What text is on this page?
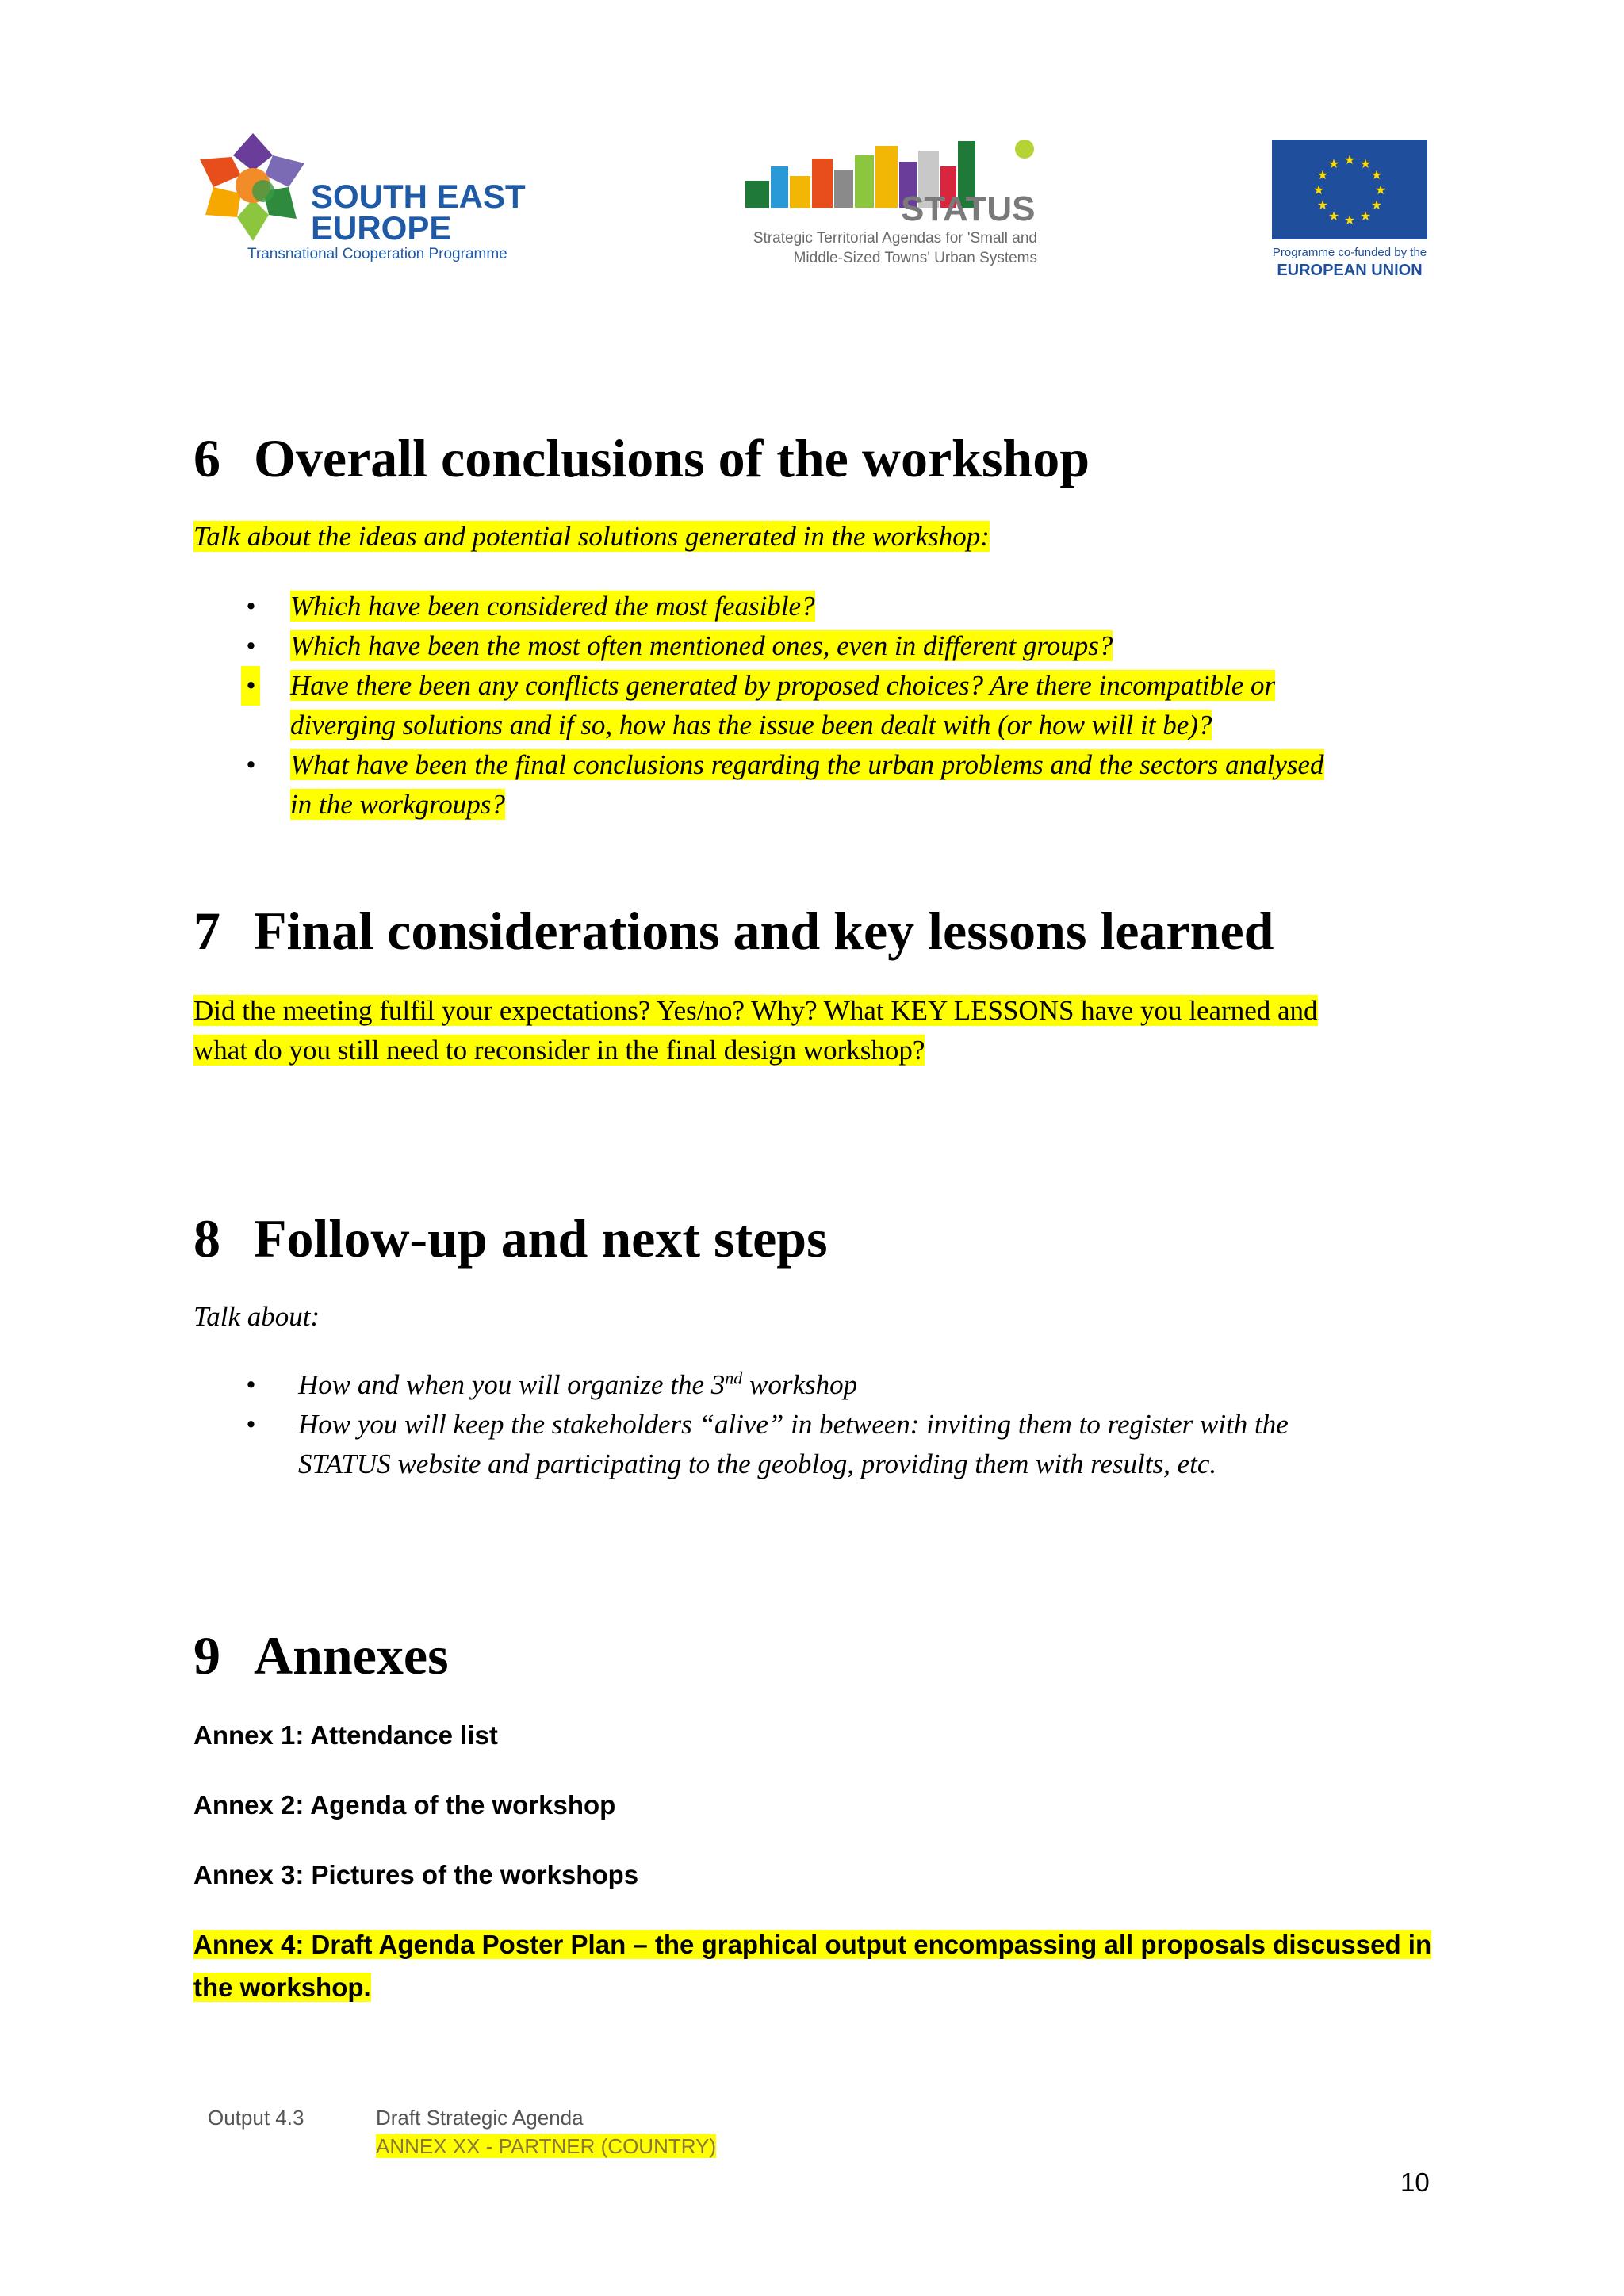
SOUTH EAST
EUROPE
Transnational Cooperation Programme
STATUS
Strategic Territorial Agendas for 'Small and
Middle-Sized Towns' Urban Systems
★ ★
★
★
★
★
★
★
★
★
★
★
Programme co-funded by the
EUROPEAN UNION
6 Overall conclusions of the workshop
Talk about the ideas and potential solutions generated in the workshop:
• Which have been considered the most feasible?
• Which have been the most often mentioned ones, even in different groups?
• Have there been any conflicts generated by proposed choices? Are there incompatible or
diverging solutions and if so, how has the issue been dealt with (or how will it be)?
• What have been the final conclusions regarding the urban problems and the sectors analysed
in the workgroups?
7 Final considerations and key lessons learned
Did the meeting fulfil your expectations? Yes/no? Why? What KEY LESSONS have you learned and
what do you still need to reconsider in the final design workshop?
8 Follow-up and next steps
Talk about:
• How and when you will organize the 3nd workshop
• How you will keep the stakeholders “alive” in between: inviting them to register with the
STATUS website and participating to the geoblog, providing them with results, etc.
9 Annexes
Annex 1: Attendance list
Annex 2: Agenda of the workshop
Annex 3: Pictures of the workshops
Annex 4: Draft Agenda Poster Plan – the graphical output encompassing all proposals discussed in
the workshop.
Output 4.3	Draft Strategic Agenda
ANNEX XX - PARTNER (COUNTRY)
10
